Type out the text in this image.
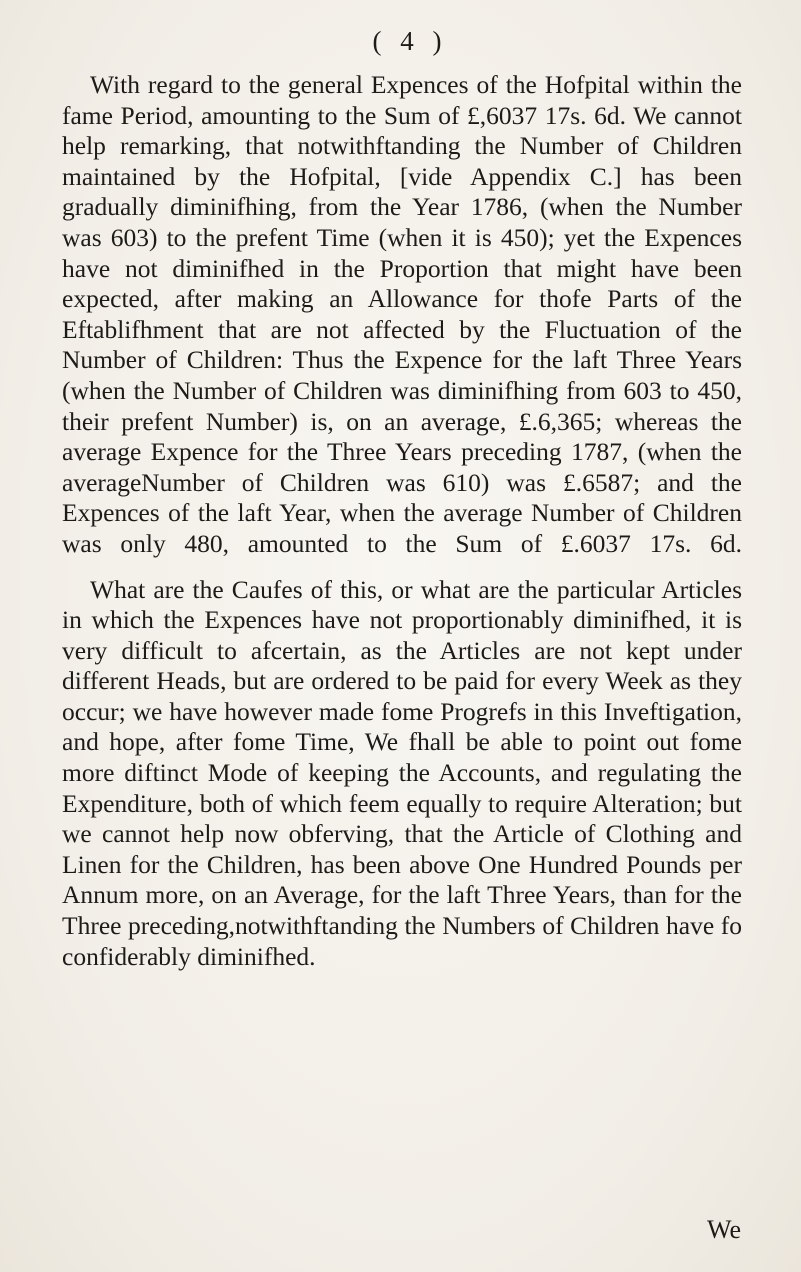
( 4 )

With regard to the general Expences of the Hofpital within the fame Period, amounting to the Sum of £,6037 17s. 6d. We cannot help remarking, that notwithftanding the Number of Children maintained by the Hofpital, [vide Appendix C.] has been gradually diminifhing, from the Year 1786, (when the Number was 603) to the prefent Time (when it is 450); yet the Expences have not diminifhed in the Proportion that might have been expected, after making an Allowance for thofe Parts of the Eftablifhment that are not affected by the Fluctuation of the Number of Children: Thus the Expence for the laft Three Years (when the Number of Children was diminifhing from 603 to 450, their prefent Number) is, on an average, £.6,365; whereas the average Expence for the Three Years preceding 1787, (when the averageNumber of Children was 610) was £.6587; and the Expences of the laft Year, when the average Number of Children was only 480, amounted to the Sum of £.6037 17s. 6d.

What are the Caufes of this, or what are the particular Articles in which the Expences have not proportionably diminifhed, it is very difficult to afcertain, as the Articles are not kept under different Heads, but are ordered to be paid for every Week as they occur; we have however made fome Progrefs in this Inveftigation, and hope, after fome Time, We fhall be able to point out fome more diftinct Mode of keeping the Accounts, and regulating the Expenditure, both of which feem equally to require Alteration; but we cannot help now obferving, that the Article of Clothing and Linen for the Children, has been above One Hundred Pounds per Annum more, on an Average, for the laft Three Years, than for the Three preceding,notwithftanding the Numbers of Children have fo confiderably diminifhed.

We
